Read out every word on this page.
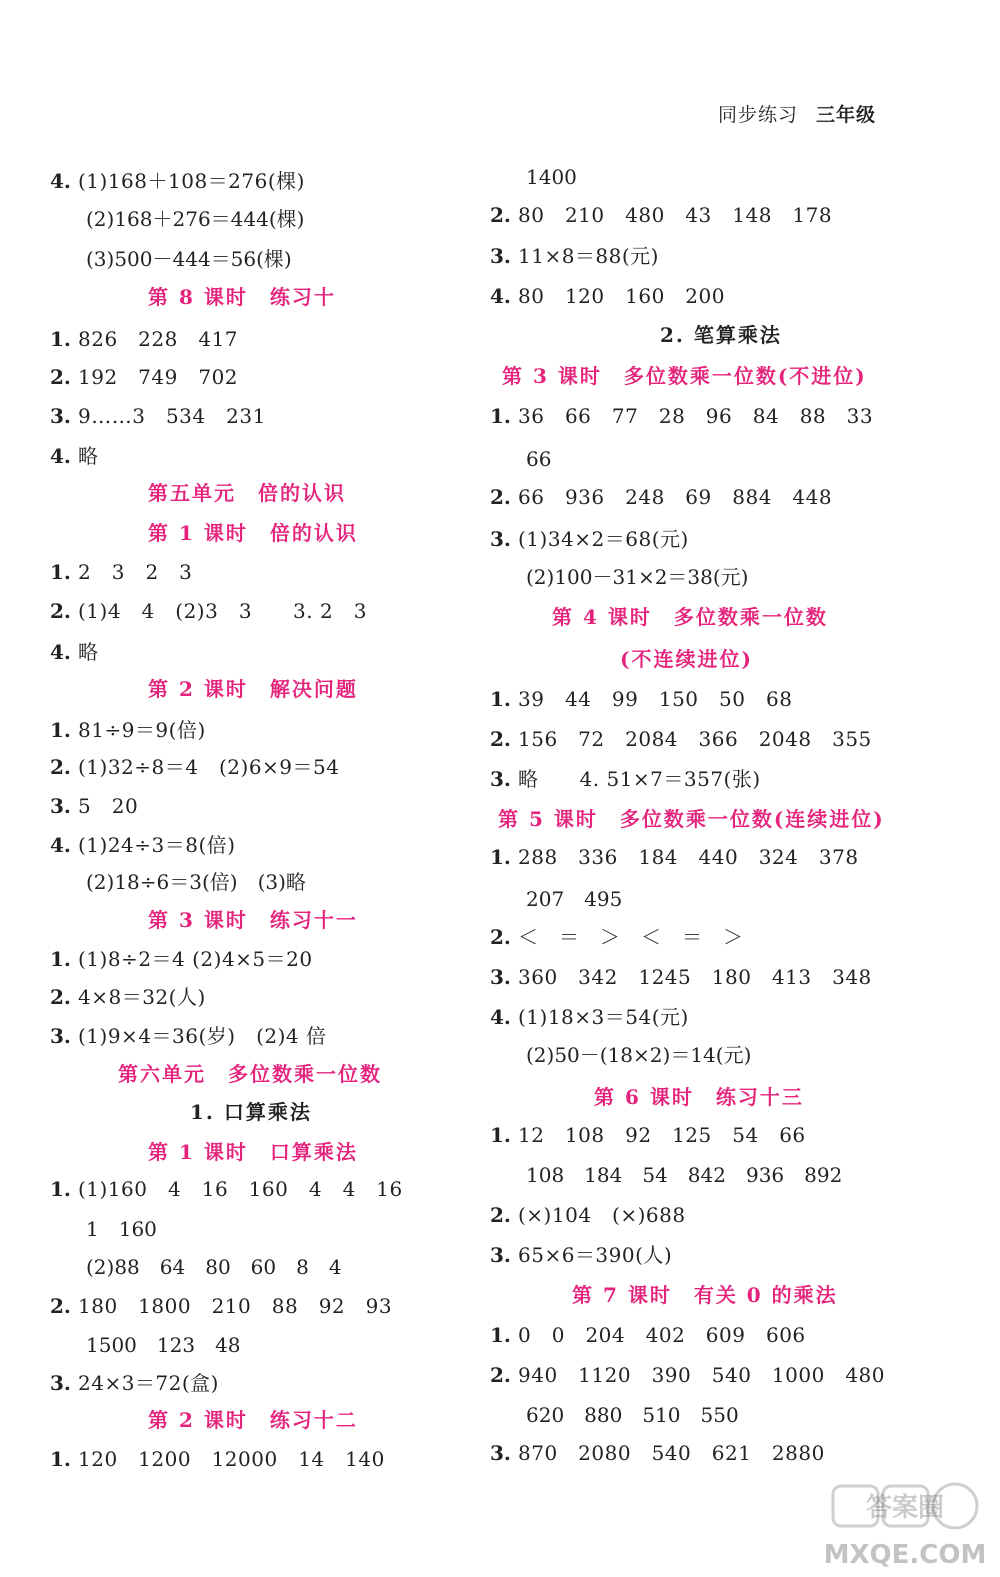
同步练习 三年级
4. (1)168＋108＝276(棵)
(2)168＋276＝444(棵)
(3)500－444＝56(棵)
第 8 课时　练习十
1. 826　228　417
2. 192　749　702
3. 9……3　534　231
4. 略
第五单元　倍的认识
第 1 课时　倍的认识
1. 2　3　2　3
2. (1)4　4　(2)3　3　　3. 2　3
4. 略
第 2 课时　解决问题
1. 81÷9＝9(倍)
2. (1)32÷8＝4　(2)6×9＝54
3. 5　20
4. (1)24÷3＝8(倍)
(2)18÷6＝3(倍)　(3)略
第 3 课时　练习十一
1. (1)8÷2＝4 (2)4×5＝20
2. 4×8＝32(人)
3. (1)9×4＝36(岁)　(2)4 倍
第六单元　多位数乘一位数
1. 口算乘法
第 1 课时　口算乘法
1. (1)160　4　16　160　4　4　16
1　160
(2)88　64　80　60　8　4
2. 180　1800　210　88　92　93
1500　123　48
3. 24×3＝72(盒)
第 2 课时　练习十二
1. 120　1200　12000　14　140
1400
2. 80　210　480　43　148　178
3. 11×8＝88(元)
4. 80　120　160　200
2. 笔算乘法
第 3 课时　多位数乘一位数(不进位)
1. 36　66　77　28　96　84　88　33
66
2. 66　936　248　69　884　448
3. (1)34×2＝68(元)
(2)100－31×2＝38(元)
第 4 课时　多位数乘一位数
(不连续进位)
1. 39　44　99　150　50　68
2. 156　72　2084　366　2048　355
3. 略　　4. 51×7＝357(张)
第 5 课时　多位数乘一位数(连续进位)
1. 288　336　184　440　324　378
207　495
2. ＜　＝　＞　＜　＝　＞
3. 360　342　1245　180　413　348
4. (1)18×3＝54(元)
(2)50－(18×2)＝14(元)
第 6 课时　练习十三
1. 12　108　92　125　54　66
108　184　54　842　936　892
2. (×)104　(×)688
3. 65×6＝390(人)
第 7 课时　有关 0 的乘法
1. 0　0　204　402　609　606
2. 940　1120　390　540　1000　480
620　880　510　550
3. 870　2080　540　621　2880
答案圈
MXQE.COM
